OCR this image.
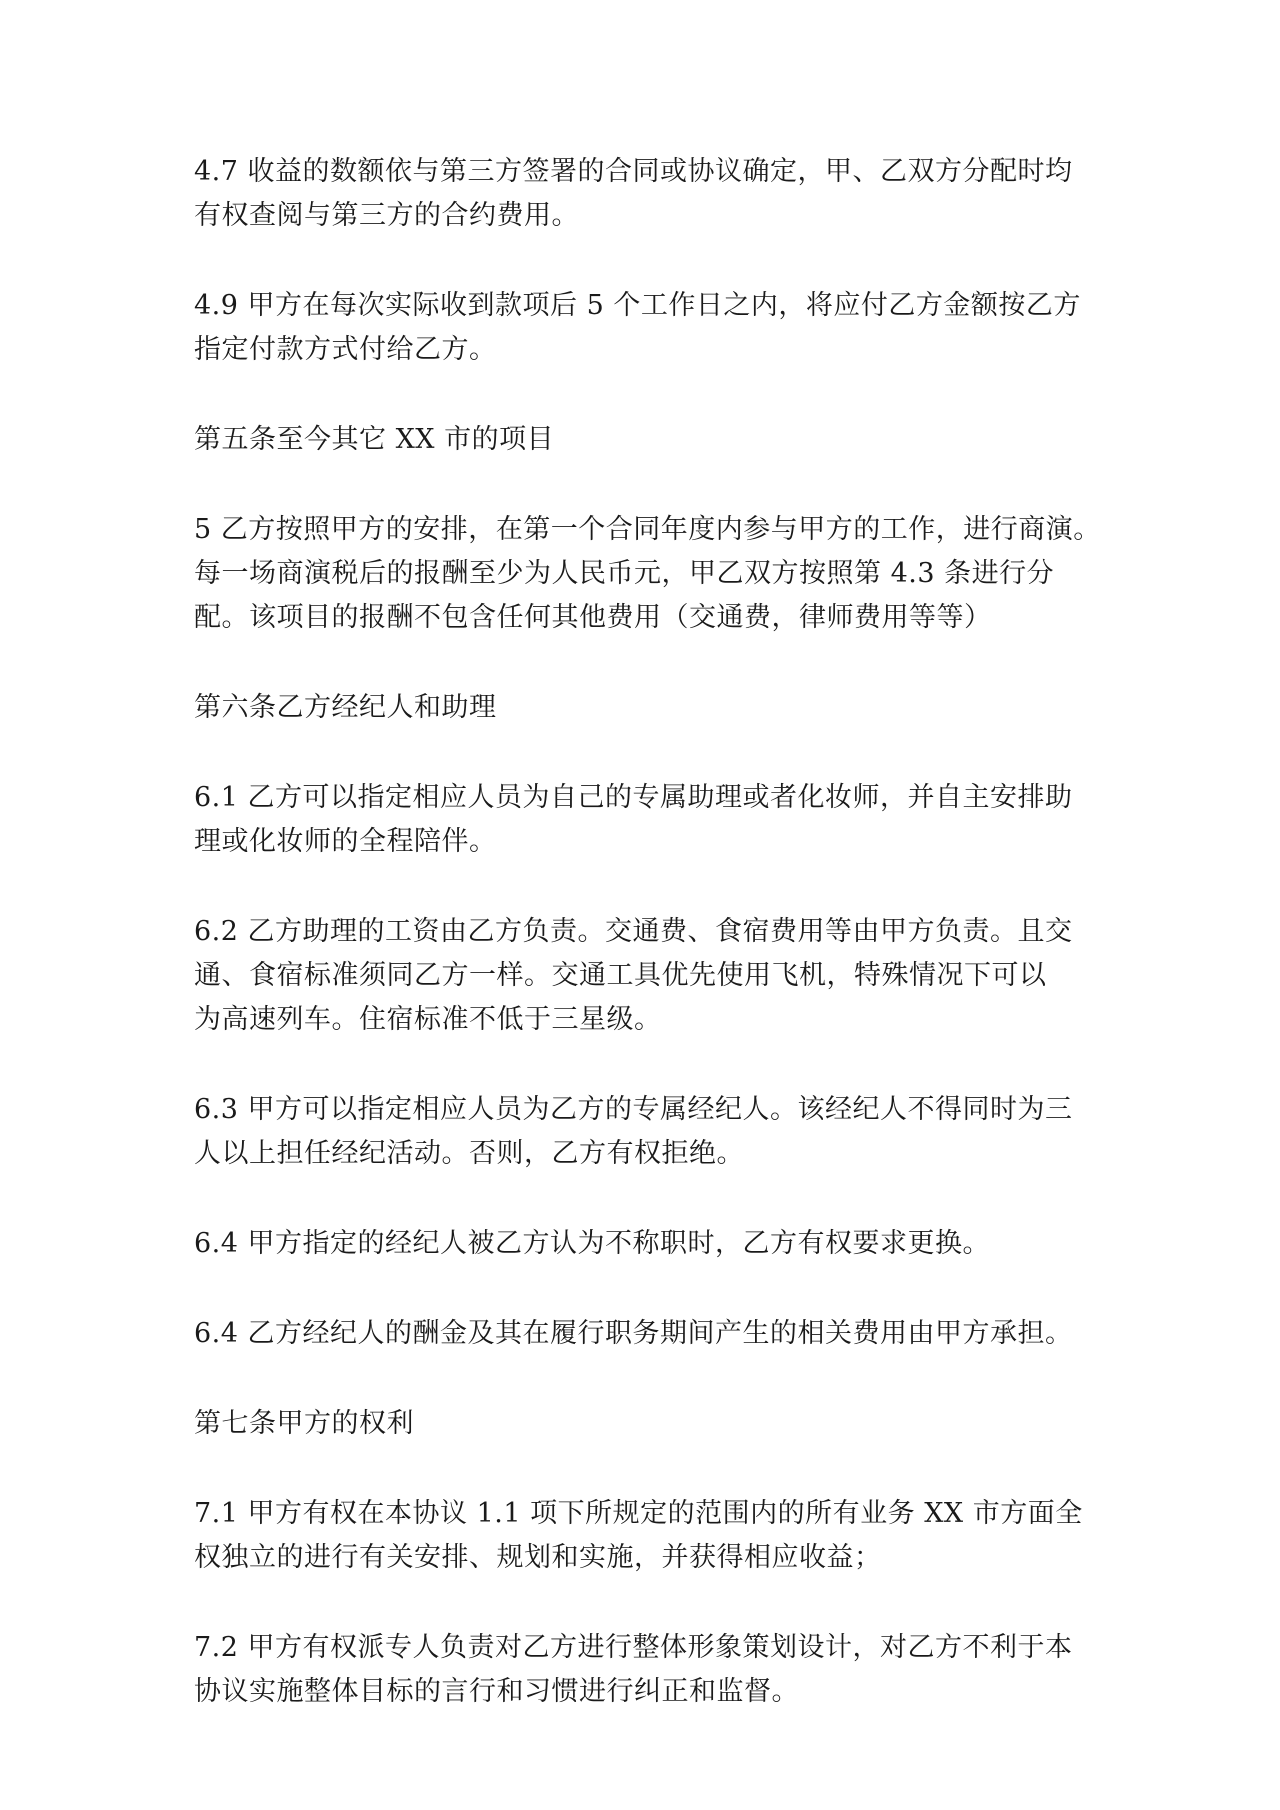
4.7 收益的数额依与第三方签署的合同或协议确定，甲、乙双方分配时均
有权查阅与第三方的合约费用。

4.9 甲方在每次实际收到款项后 5 个工作日之内，将应付乙方金额按乙方
指定付款方式付给乙方。

第五条至今其它 XX 市的项目

5 乙方按照甲方的安排，在第一个合同年度内参与甲方的工作，进行商演。
每一场商演税后的报酬至少为人民币元，甲乙双方按照第 4.3 条进行分
配。该项目的报酬不包含任何其他费用（交通费，律师费用等等）

第六条乙方经纪人和助理

6.1 乙方可以指定相应人员为自己的专属助理或者化妆师，并自主安排助
理或化妆师的全程陪伴。

6.2 乙方助理的工资由乙方负责。交通费、食宿费用等由甲方负责。且交
通、食宿标准须同乙方一样。交通工具优先使用飞机，特殊情况下可以
为高速列车。住宿标准不低于三星级。

6.3 甲方可以指定相应人员为乙方的专属经纪人。该经纪人不得同时为三
人以上担任经纪活动。否则，乙方有权拒绝。

6.4 甲方指定的经纪人被乙方认为不称职时，乙方有权要求更换。

6.4 乙方经纪人的酬金及其在履行职务期间产生的相关费用由甲方承担。

第七条甲方的权利

7.1 甲方有权在本协议 1.1 项下所规定的范围内的所有业务 XX 市方面全
权独立的进行有关安排、规划和实施，并获得相应收益；

7.2 甲方有权派专人负责对乙方进行整体形象策划设计，对乙方不利于本
协议实施整体目标的言行和习惯进行纠正和监督。
